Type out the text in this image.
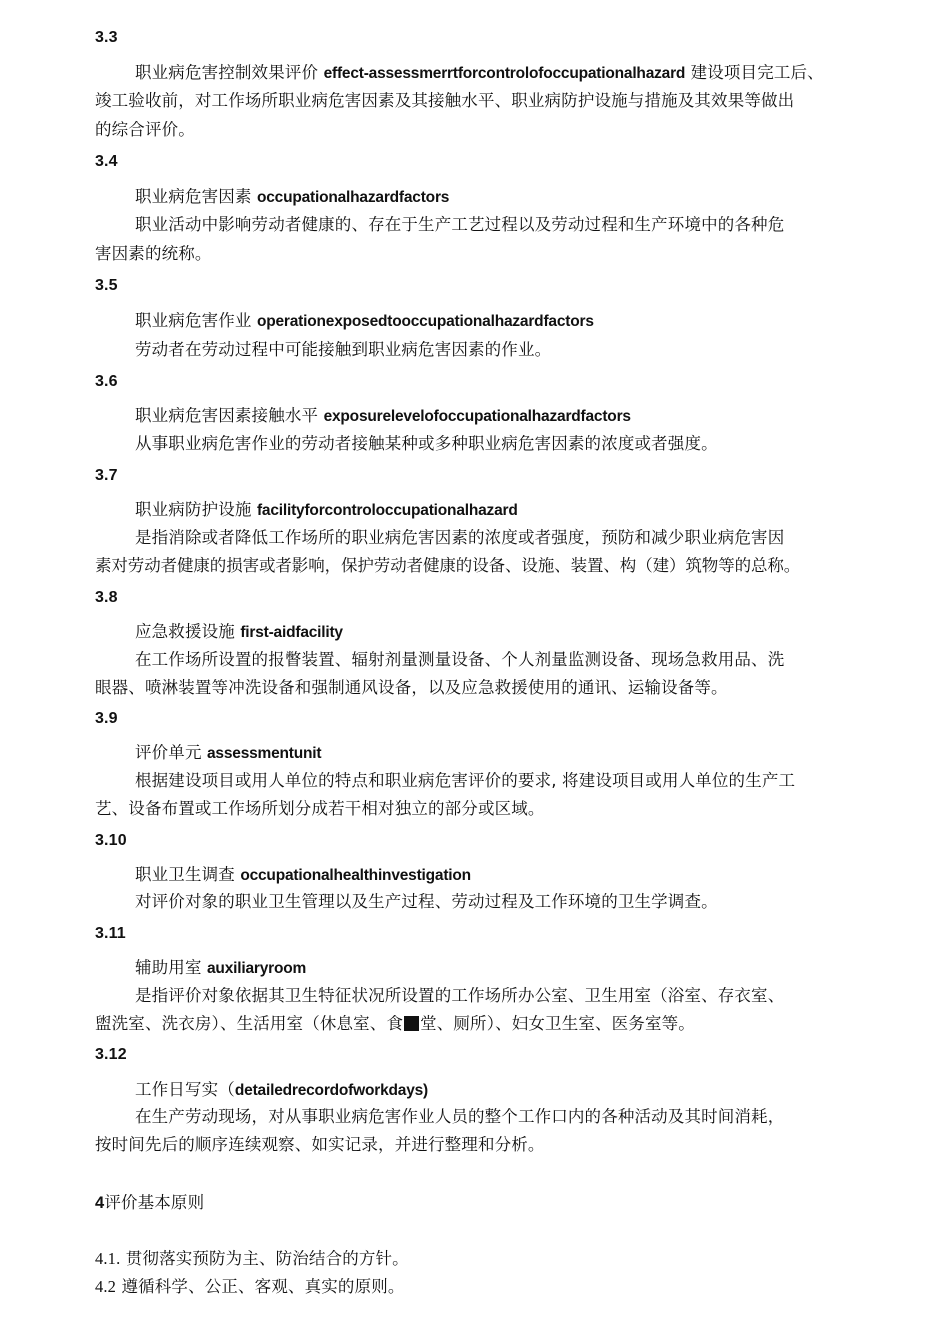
3.3
职业病危害控制效果评价 effect-assessmerrtforcontrolofoccupationalhazard 建设项目完工后、
竣工验收前，对工作场所职业病危害因素及其接触水平、职业病防护设施与措施及其效果等做出
的综合评价。
3.4
职业病危害因素 occupationalhazardfactors
职业活动中影响劳动者健康的、存在于生产工艺过程以及劳动过程和生产环境中的各种危
害因素的统称。
3.5
职业病危害作业 operationexposedtooccupationalhazardfactors
劳动者在劳动过程中可能接触到职业病危害因素的作业。
3.6
职业病危害因素接触水平 exposurelevelofoccupationalhazardfactors
从事职业病危害作业的劳动者接触某种或多种职业病危害因素的浓度或者强度。
3.7
职业病防护设施 facilityforcontroloccupationalhazard
是指消除或者降低工作场所的职业病危害因素的浓度或者强度，预防和减少职业病危害因
素对劳动者健康的损害或者影响，保护劳动者健康的设备、设施、装置、构（建）筑物等的总称。
3.8
应急救援设施 first-aidfacility
在工作场所设置的报瞥装置、辐射剂量测量设备、个人剂量监测设备、现场急救用品、洗
眼器、喷淋装置等冲洗设备和强制通风设备，以及应急救援使用的通讯、运输设备等。
3.9
评价单元 assessmentunit
根据建设项目或用人单位的特点和职业病危害评价的要求, 将建设项目或用人单位的生产工
艺、设备布置或工作场所划分成若干相对独立的部分或区域。
3.10
职业卫生调查 occupationalhealthinvestigation
对评价对象的职业卫生管理以及生产过程、劳动过程及工作环境的卫生学调查。
3.11
辅助用室 auxiliaryroom
是指评价对象依据其卫生特征状况所设置的工作场所办公室、卫生用室（浴室、存衣室、
盥洗室、洗衣房）、生活用室（休息室、食 堂、厕所）、妇女卫生室、医务室等。
3.12
工作日写实（detailedrecordofworkdays)
在生产劳动现场，对从事职业病危害作业人员的整个工作口内的各种活动及其时间消耗，
按时间先后的顺序连续观察、如实记录，并进行整理和分析。
4评价基本原则
4.1. 贯彻落实预防为主、防治结合的方针。
4.2 遵循科学、公正、客观、真实的原则。
